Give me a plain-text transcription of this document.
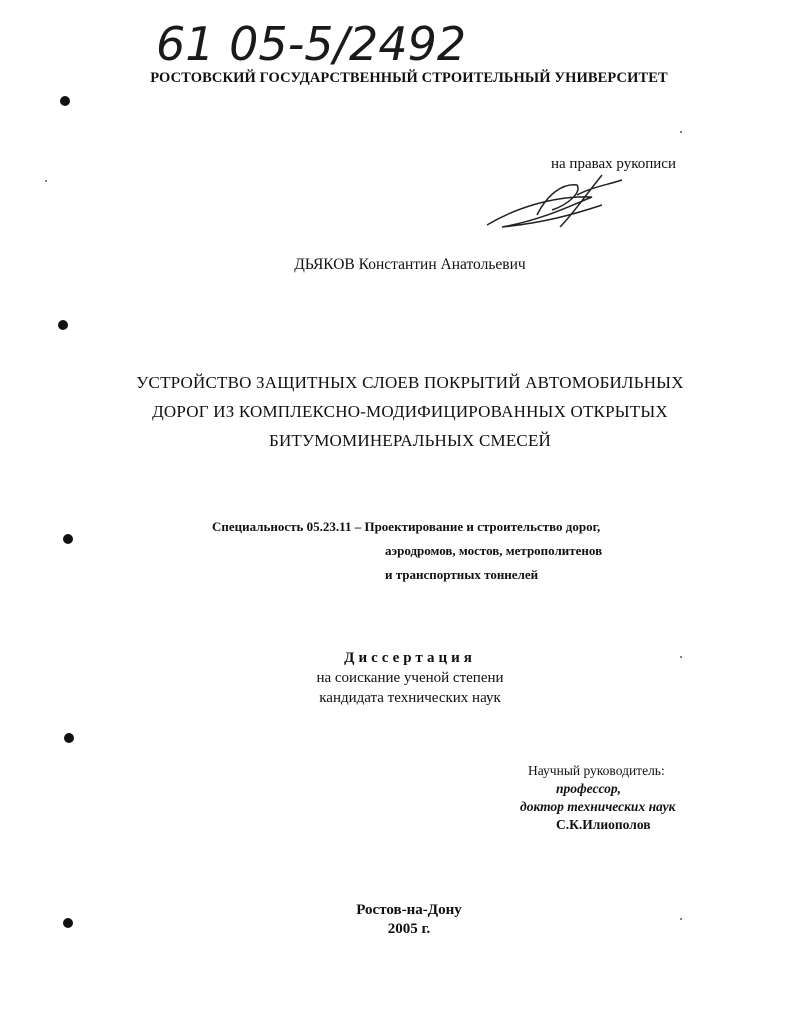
61 05-5/2492
РОСТОВСКИЙ ГОСУДАРСТВЕННЫЙ СТРОИТЕЛЬНЫЙ УНИВЕРСИТЕТ
на правах рукописи
ДЬЯКОВ Константин Анатольевич
УСТРОЙСТВО ЗАЩИТНЫХ СЛОЕВ ПОКРЫТИЙ АВТОМОБИЛЬНЫХ
ДОРОГ ИЗ КОМПЛЕКСНО-МОДИФИЦИРОВАННЫХ ОТКРЫТЫХ
БИТУМОМИНЕРАЛЬНЫХ СМЕСЕЙ
Специальность 05.23.11 – Проектирование и строительство дорог,
аэродромов, мостов, метрополитенов
и транспортных тоннелей
Диссертация
на соискание ученой степени
кандидата технических наук
Научный руководитель:
профессор,
доктор технических наук
С.К.Илиополов
Ростов-на-Дону
2005 г.
